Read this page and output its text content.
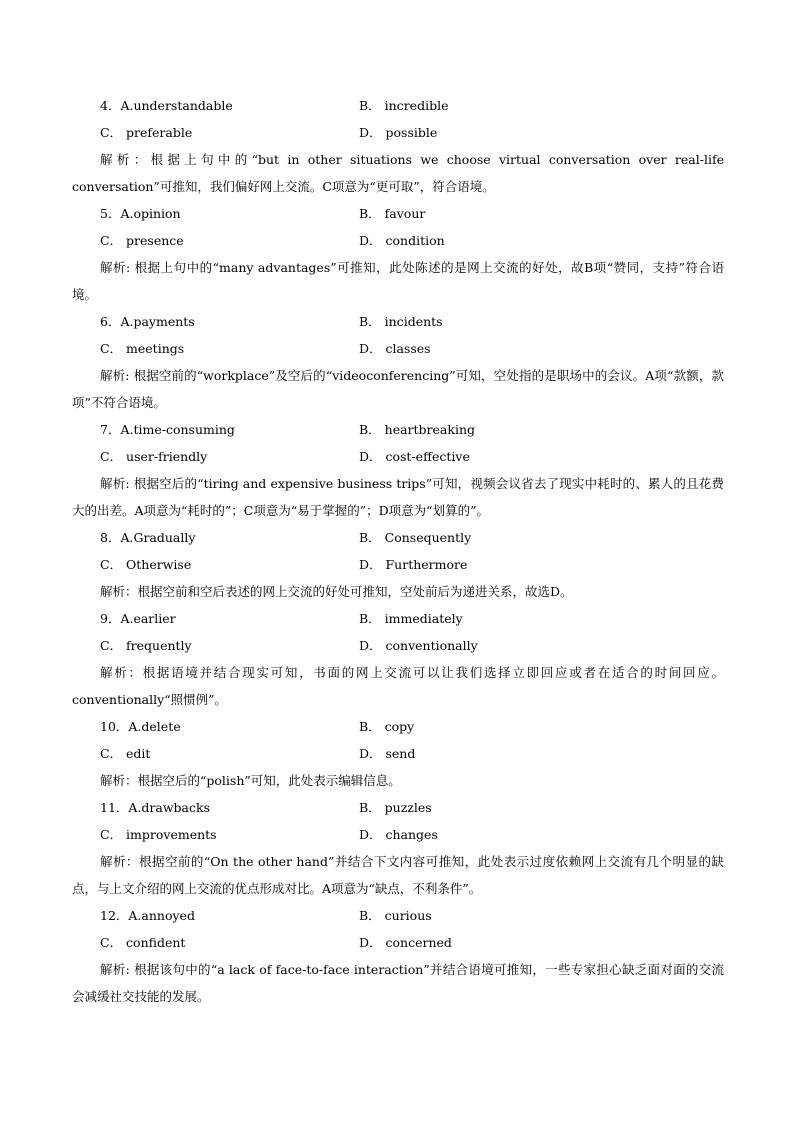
4．A.understandable	B． incredible
C． preferable	D． possible
解析：根据上句中的“but in other situations we choose virtual conversation over real-life conversation”可推知，我们偏好网上交流。C项意为“更可取”，符合语境。
5．A.opinion	B． favour
C． presence	D． condition
解析: 根据上句中的“many advantages”可推知，此处陈述的是网上交流的好处，故B项“赞同，支持”符合语境。
6．A.payments	B． incidents
C． meetings	D． classes
解析: 根据空前的“workplace”及空后的“videoconferencing”可知，空处指的是职场中的会议。A项“款额，款项”不符合语境。
7．A.time-consuming	B． heartbreaking
C． user-friendly	D． cost-effective
解析: 根据空后的“tiring and expensive business trips”可知，视频会议省去了现实中耗时的、累人的且花费大的出差。A项意为“耗时的”；C项意为“易于掌握的”；D项意为“划算的”。
8．A.Gradually	B． Consequently
C． Otherwise	D． Furthermore
解析：根据空前和空后表述的网上交流的好处可推知，空处前后为递进关系，故选D。
9．A.earlier	B． immediately
C． frequently	D． conventionally
解析：根据语境并结合现实可知，书面的网上交流可以让我们选择立即回应或者在适合的时间回应。conventionally“照惯例”。
10．A.delete	B． copy
C． edit	D． send
解析：根据空后的“polish”可知，此处表示编辑信息。
11．A.drawbacks	B． puzzles
C． improvements	D． changes
解析：根据空前的“On the other hand”并结合下文内容可推知，此处表示过度依赖网上交流有几个明显的缺点，与上文介绍的网上交流的优点形成对比。A项意为“缺点，不利条件”。
12．A.annoyed	B． curious
C． confident	D． concerned
解析: 根据该句中的“a lack of face-to-face interaction”并结合语境可推知，一些专家担心缺乏面对面的交流会减缓社交技能的发展。
